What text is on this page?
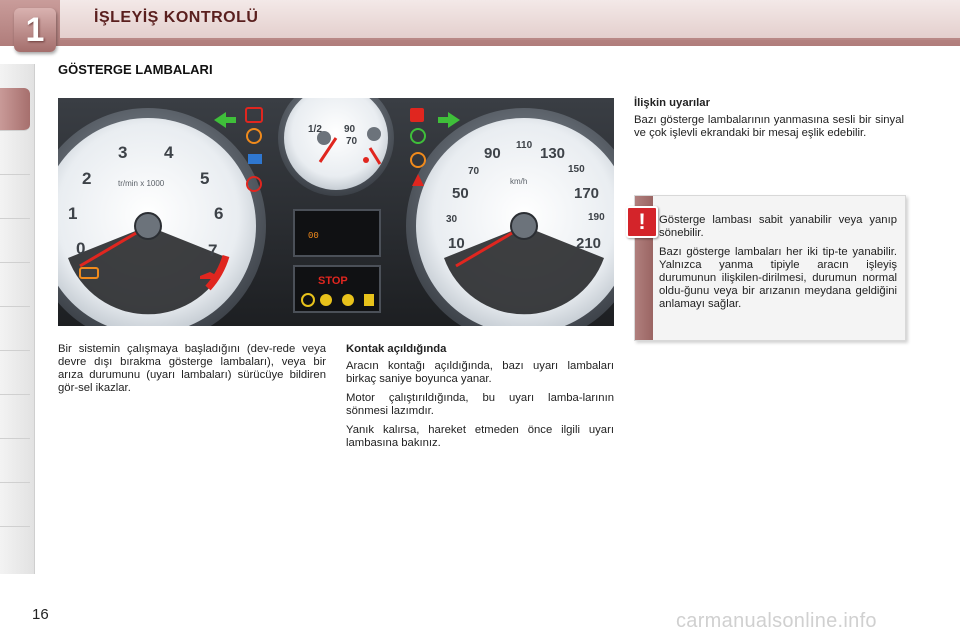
1	İŞLEYİŞ KONTROLÜ
GÖSTERGE LAMBALARI
0
1
2
3 4
5
6
7
tr/min x 1000
1/2 90
70
10
30
50
70
90 110 130
150
170
190
210
km/h
00
STOP

Bir sistemin çalışmaya başladığını (dev-rede veya devre dışı bırakma gösterge lambaları), veya bir arıza durumunu (uyarı lambaları) sürücüye bildiren gör-sel ikazlar.

Kontak açıldığında

Aracın kontağı açıldığında, bazı uyarı lambaları birkaç saniye boyunca yanar.

Motor çalıştırıldığında, bu uyarı lamba-larının sönmesi lazımdır.

Yanık kalırsa, hareket etmeden önce ilgili uyarı lambasına bakınız.

İlişkin uyarılar

Bazı gösterge lambalarının yanmasına sesli bir sinyal ve çok işlevli ekrandaki bir mesaj eşlik edebilir.

Gösterge lambası sabit yanabilir veya yanıp sönebilir.

Bazı gösterge lambaları her iki tip-te yanabilir. Yalnızca yanma tipiyle aracın işleyiş durumunun ilişkilen-dirilmesi, durumun normal oldu-ğunu veya bir arızanın meydana geldiğini anlamayı sağlar.

!
16	carmanualsonline.info
